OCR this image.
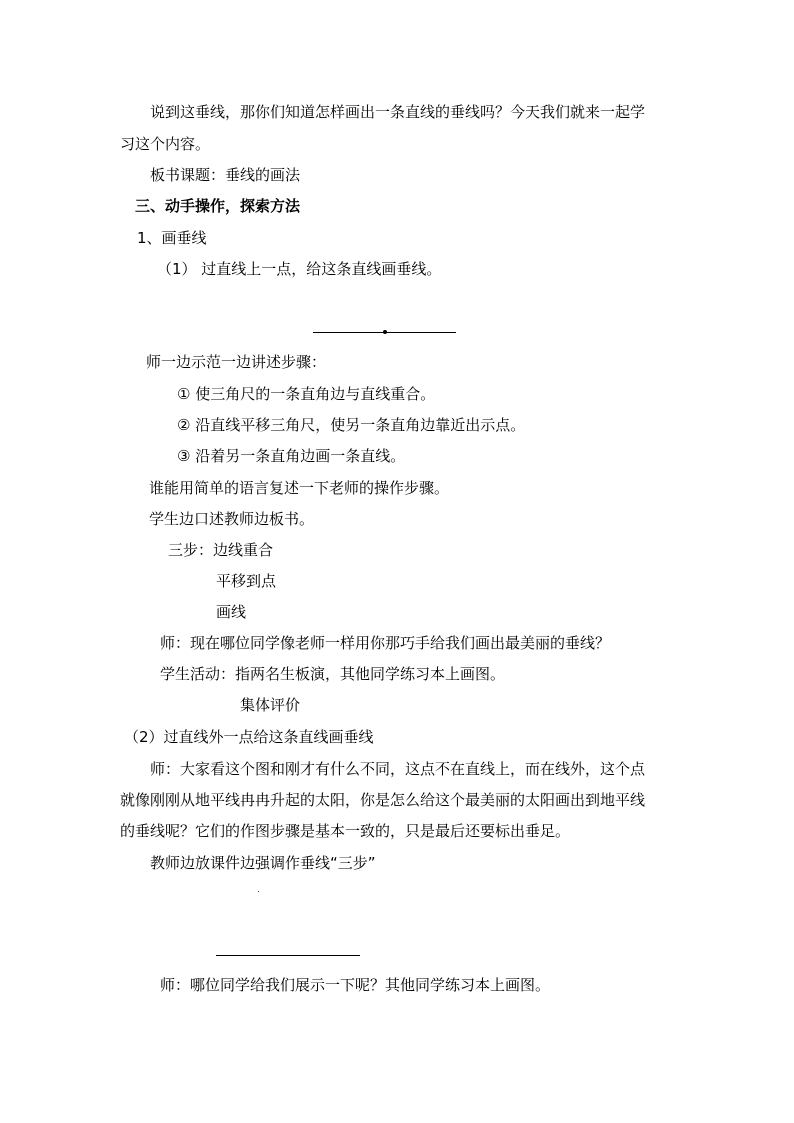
说到这垂线，那你们知道怎样画出一条直线的垂线吗？今天我们就来一起学
习这个内容。
板书课题：垂线的画法
三、动手操作，探索方法
1、画垂线
（1） 过直线上一点，给这条直线画垂线。
师一边示范一边讲述步骤：
① 使三角尺的一条直角边与直线重合。
② 沿直线平移三角尺，使另一条直角边靠近出示点。
③ 沿着另一条直角边画一条直线。
谁能用简单的语言复述一下老师的操作步骤。
学生边口述教师边板书。
三步：边线重合
平移到点
画线
师：现在哪位同学像老师一样用你那巧手给我们画出最美丽的垂线？
学生活动：指两名生板演，其他同学练习本上画图。
集体评价
（2）过直线外一点给这条直线画垂线
师：大家看这个图和刚才有什么不同，这点不在直线上，而在线外，这个点
就像刚刚从地平线冉冉升起的太阳，你是怎么给这个最美丽的太阳画出到地平线
的垂线呢？它们的作图步骤是基本一致的，只是最后还要标出垂足。
教师边放课件边强调作垂线“三步”
师：哪位同学给我们展示一下呢？其他同学练习本上画图。
